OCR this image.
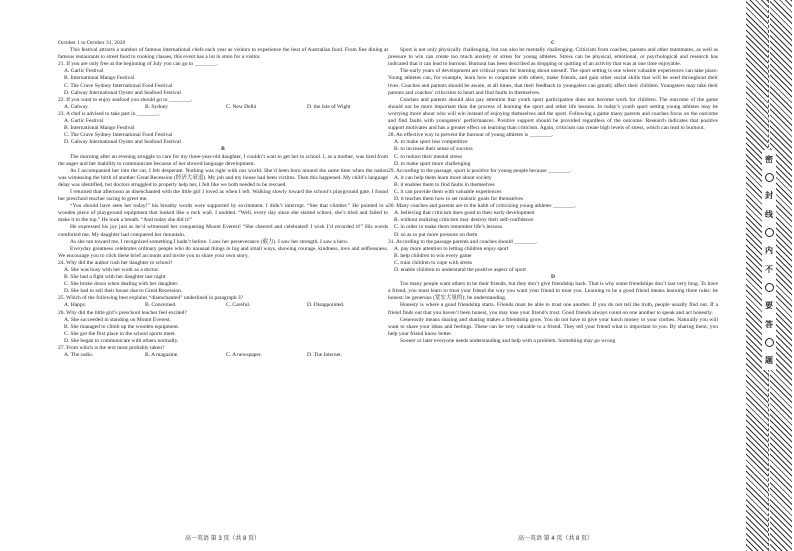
October 1 to October 31, 2020

This festival attracts a number of famous international chefs each year as visitors to experience the best of Australian food. From fine dining at famous restaurants to street food to cooking classes, this event has a lot in store for a visitor.

21. If you are only free at the beginning of July you can go to ________.

A. Garlic Festival

B. International Mango Festival

C. The Crave Sydney International Food Festival

D. Galway International Oyster and Seafood Festival

22. If you want to enjoy seafood you should go to ________.

A. Galway	B. Sydney	C. New Delhi	D. the Isle of Wight

23. A chef is advised to take part in ________.

A. Garlic Festival

B. International Mango Festival

C. The Crave Sydney International Food Festival

D. Galway International Oyster and Seafood Festival

B

The morning after an evening struggle to care for my three-year-old daughter, I couldn’t wait to get her to school. I, as a mother, was tired from the anger and her inability to communicate because of her slowed language development.

As I accompanied her into the car, I felt desperate. Nothing was right with our world. She’d been born around the same time when the nation was witnessing the birth of another Great Recession (经济大衰退). My job and my house had been victims. Then this happened. My child’s language delay was identified, but doctors struggled to properly help her, I felt like we both needed to be rescued.

I returned that afternoon as disenchanted with the little girl I loved as when I left. Walking slowly toward the school’s playground gate, I found her preschool teacher racing to greet me.

“You should have seen her today!” his breathy words were supported by excitement. I didn’t interrupt. “See that climber.” He pointed to a wooden piece of playground equipment that looked like a rock wall. I nodded. “Well, every day since she started school, she’s tried and failed to make it to the top.” He took a breath. “And today she did it!”

He expressed his joy just as he’d witnessed her conquering Mount Everest! “She cheered and celebrated! I wish I’d recorded it!” His words comforted me. My daughter had conquered her mountain.

As she ran toward me, I recognized something I hadn’t before. I saw her perseverance (毅力). I saw her strength. I saw a hero.

Everyday greatness celebrates ordinary people who do unusual things in big and small ways, showing courage, kindness, love and selflessness. We encourage you to click these brief accounts and invite you to share your own story.

24. Why did the author rush her daughter to school?

A. She was busy with her work as a doctor.

B. She had a fight with her daughter last night.

C. She broke down when dealing with her daughter.

D. She had to sell their house due to Great Recession.

25. Which of the following best explains “disenchanted” underlined in paragraph 3?

A. Happy.	B. Concerned.	C. Careful.	D. Disappointed.

26. Why did the little girl’s preschool teacher feel excited?

A. She succeeded in standing on Mount Everest.

B. She managed to climb up the wooden equipment.

C. She got the first place in the school sports meet.

D. She began to communicate with others normally.

27. From which is the text most probably taken?

A. The radio.	B. A magazine.	C. A newspaper.	D. The Internet.

C

Sport is not only physically challenging, but can also be mentally challenging. Criticism from coaches, parents and other teammates, as well as pressure to win can create too much anxiety or stress for young athletes. Stress can be physical, emotional, or psychological and research has indicated that it can lead to burnout. Burnout has been described as dropping or quitting of an activity that was at one time enjoyable.

The early years of development are critical years for learning about oneself. The sport setting is one where valuable experiences can take place. Young athletes can, for example, learn how to cooperate with others, make friends, and gain other social skills that will be used throughout their lives. Coaches and parents should be aware, at all times, that their feedback to youngsters can greatly affect their children. Youngsters may take their parents and coaches’ criticisms to heart and find faults in themselves.

Coaches and parents should also pay attention that youth sport participation does not become work for children. The outcome of the game should not be more important than the process of learning the sport and other life lessons. In today’s youth sport setting young athletes may be worrying more about who will win instead of enjoying themselves and the sport. Following a game many parents and coaches focus on the outcome and find faults with youngsters’ performances. Positive support should be provided regardless of the outcome. Research indicates that positive support motivates and has a greater effect on learning than criticism. Again, criticism can create high levels of stress, which can lead to burnout.

28. An effective way to prevent the burnout of young athletes is ________.

A. to make sport less competitive

B. to increase their sense of success

C. to reduce their mental stress

D. to make sport more challenging

29. According to the passage, sport is positive for young people because ________.

A. it can help them learn more about society

B. it enables them to find faults in themselves

C. it can provide them with valuable experiences

D. it teaches them how to set realistic goals for themselves

30. Many coaches and parents are in the habit of criticizing young athletes ________.

A. believing that criticism does good to their early development

B. without realizing criticism may destroy their self-confidence

C. in order to make them remember life’s lessons

D. so as to put more pressure on them

31. According to the passage parents and coaches should ________.

A. pay more attention to letting children enjoy sport

B. help children to win every game

C. train children to cope with stress

D. enable children to understand the positive aspect of sport

D

Too many people want others to be their friends, but they don’t give friendship back. That is why some friendships don’t last very long. To have a friend, you must learn to treat your friend the way you want your friend to treat you. Learning to be a good friend means learning three rules: be honest; be generous (宽宏大量的); be understanding.

Honesty is where a good friendship starts. Friends must be able to trust one another. If you do not tell the truth, people usually find out. If a friend finds out that you haven’t been honest, you may lose your friend’s trust. Good friends always count on one another to speak and act honestly.

Generosity means sharing and sharing makes a friendship grow. You do not have to give your lunch money or your clothes. Naturally you will want to share your ideas and feelings. These can be very valuable to a friend. They tell your friend what is important to you. By sharing them, you help your friend know better.

Sooner or later everyone needs understanding and help with a problem. Something may go wrong

高一英语 第 3 页（共 8 页）	高一英语 第 4 页（共 8 页）
密
封
线
内
不
要
答
题
